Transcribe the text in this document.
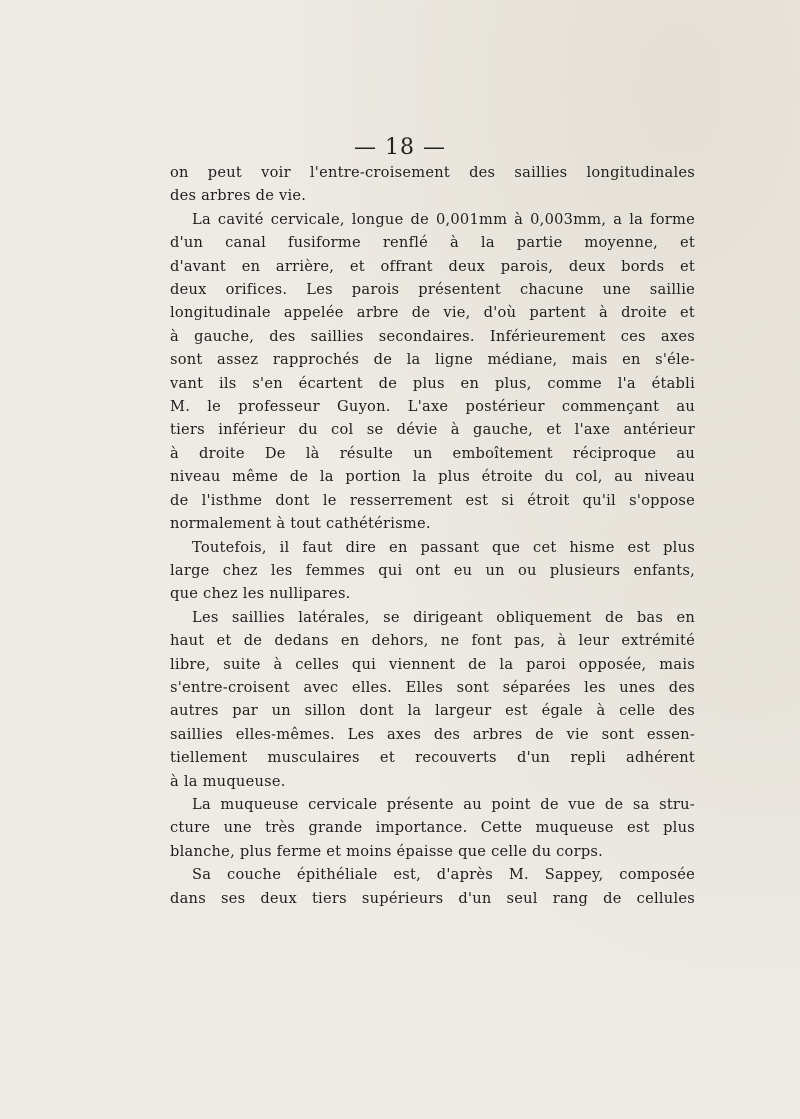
— 18 —
on peut voir l'entre-croisement des saillies longitudinales
des arbres de vie.
La cavité cervicale, longue de 0,001mm à 0,003mm, a la forme
d'un canal fusiforme renflé à la partie moyenne, et
d'avant en arrière, et offrant deux parois, deux bords et
deux orifices. Les parois présentent chacune une saillie
longitudinale appelée arbre de vie, d'où partent à droite et
à gauche, des saillies secondaires. Inférieurement ces axes
sont assez rapprochés de la ligne médiane, mais en s'éle-
vant ils s'en écartent de plus en plus, comme l'a établi
M. le professeur Guyon. L'axe postérieur commençant au
tiers inférieur du col se dévie à gauche, et l'axe antérieur
à droite De là résulte un emboîtement réciproque au
niveau même de la portion la plus étroite du col, au niveau
de l'isthme dont le resserrement est si étroit qu'il s'oppose
normalement à tout cathétérisme.
Toutefois, il faut dire en passant que cet hisme est plus
large chez les femmes qui ont eu un ou plusieurs enfants,
que chez les nullipares.
Les saillies latérales, se dirigeant obliquement de bas en
haut et de dedans en dehors, ne font pas, à leur extrémité
libre, suite à celles qui viennent de la paroi opposée, mais
s'entre-croisent avec elles. Elles sont séparées les unes des
autres par un sillon dont la largeur est égale à celle des
saillies elles-mêmes. Les axes des arbres de vie sont essen-
tiellement musculaires et recouverts d'un repli adhérent
à la muqueuse.
La muqueuse cervicale présente au point de vue de sa stru-
cture une très grande importance. Cette muqueuse est plus
blanche, plus ferme et moins épaisse que celle du corps.
Sa couche épithéliale est, d'après M. Sappey, composée
dans ses deux tiers supérieurs d'un seul rang de cellules
